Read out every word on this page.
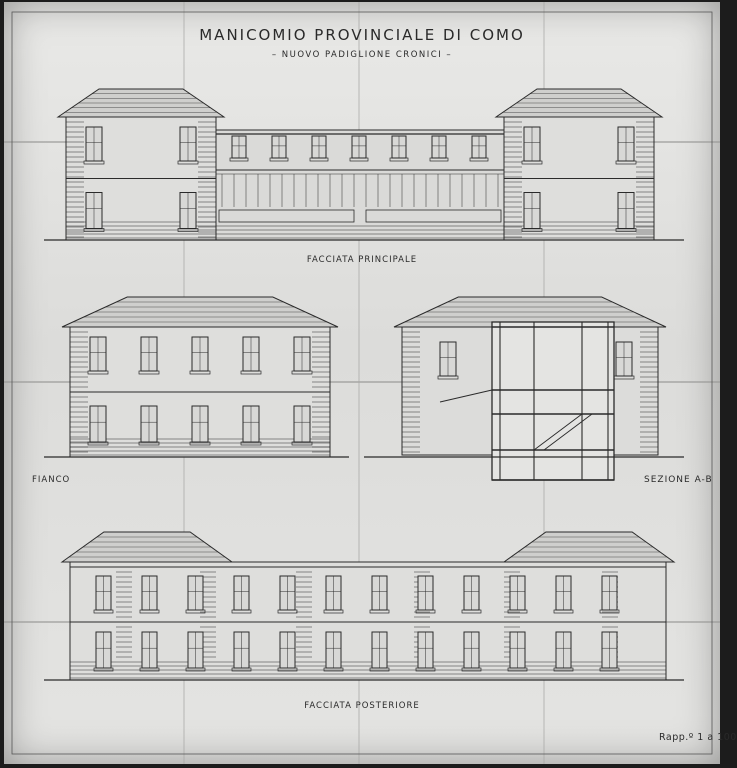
MANICOMIO PROVINCIALE DI COMO
– NUOVO PADIGLIONE CRONICI –
FACCIATA PRINCIPALE
FIANCO	SEZIONE A-B
FACCIATA POSTERIORE
Rapp.º 1 a 100
